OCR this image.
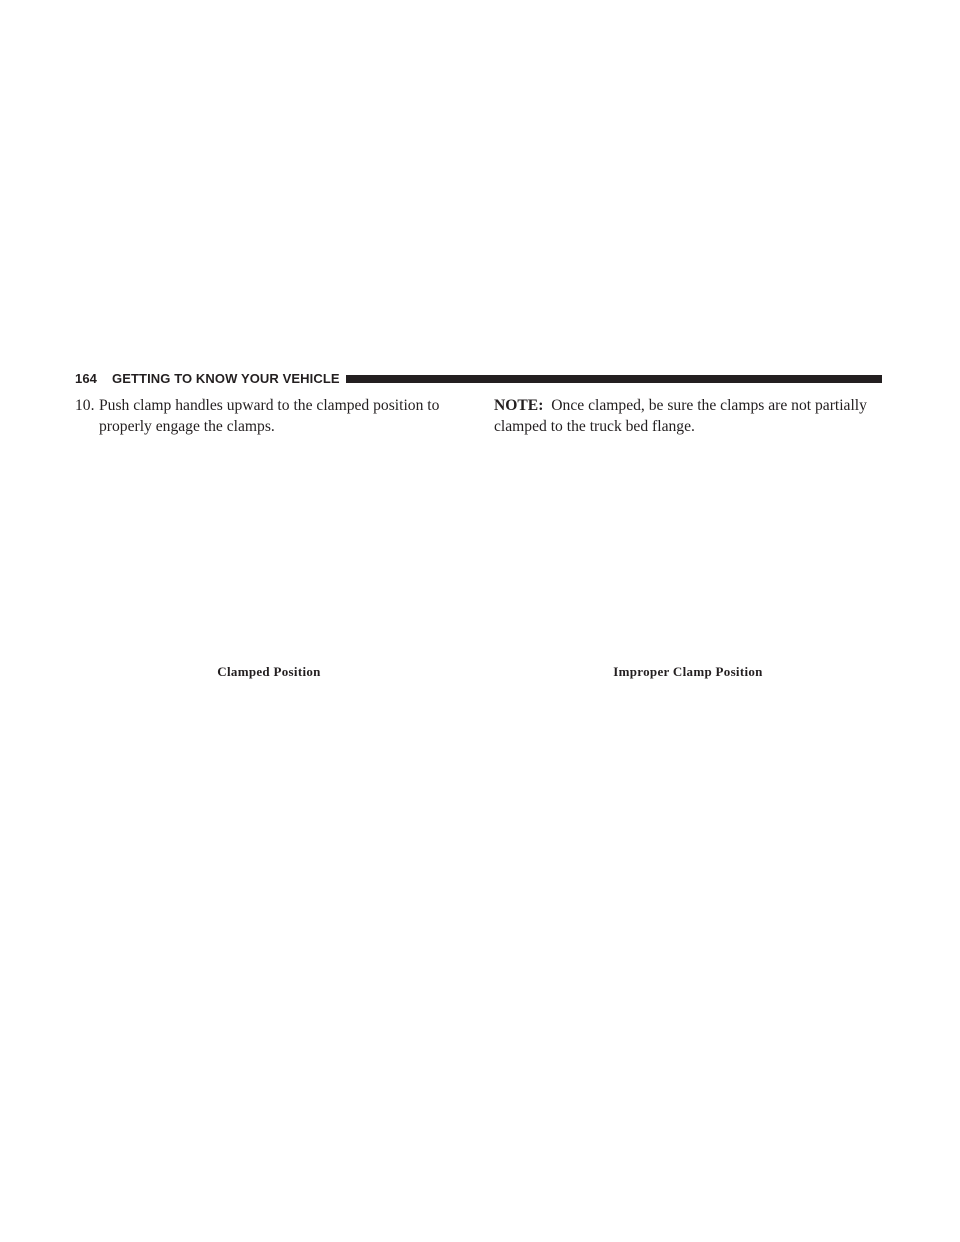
164	GETTING TO KNOW YOUR VEHICLE
10. Push clamp handles upward to the clamped position to properly engage the clamps.
NOTE: Once clamped, be sure the clamps are not partially clamped to the truck bed flange.
Clamped Position	Improper Clamp Position
